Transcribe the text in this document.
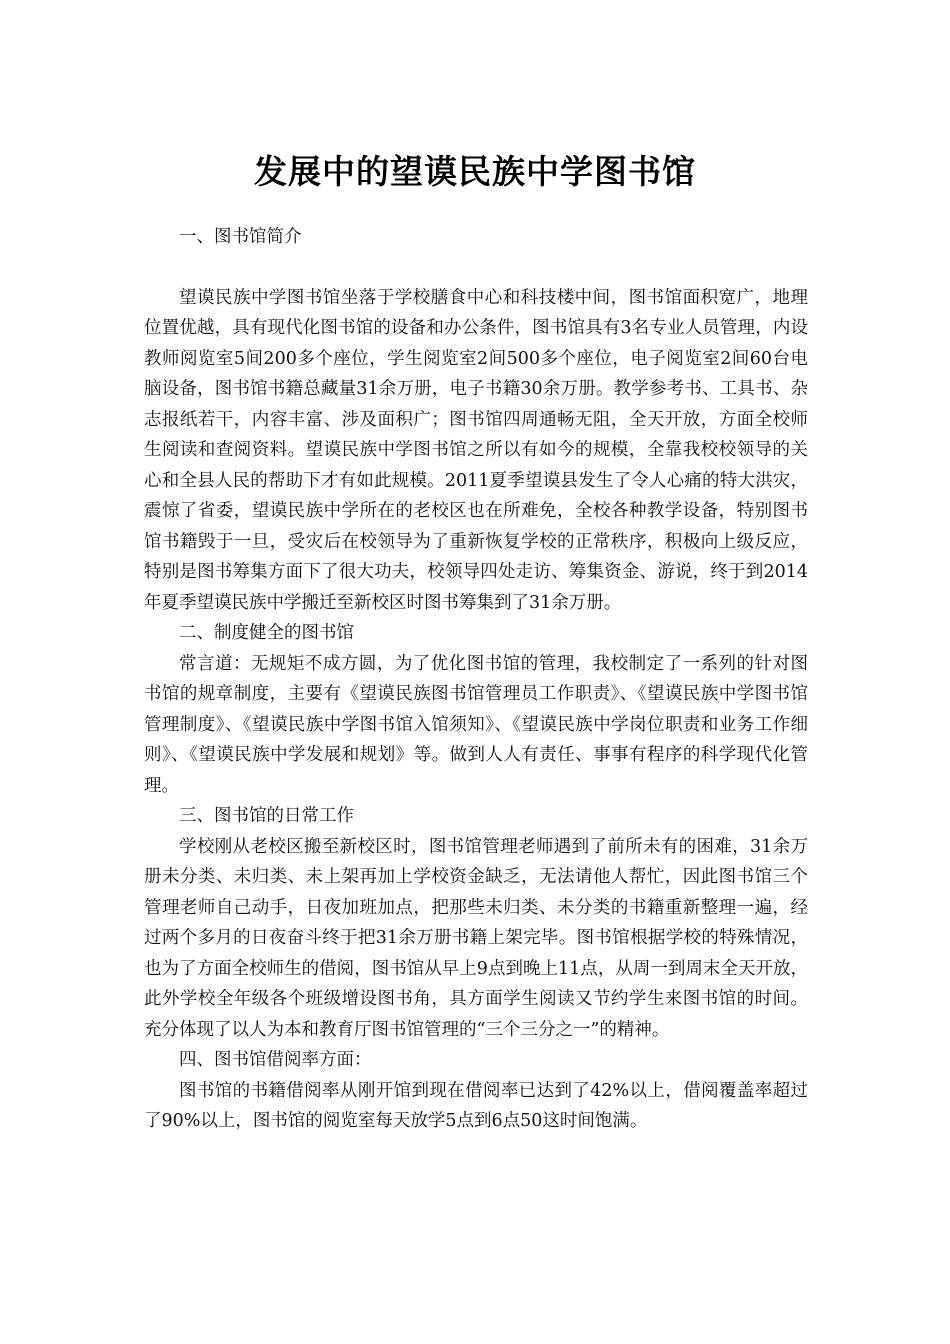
发展中的望谟民族中学图书馆

一、图书馆简介

望谟民族中学图书馆坐落于学校膳食中心和科技楼中间，图书馆面积宽广，地理位置优越，具有现代化图书馆的设备和办公条件，图书馆具有3名专业人员管理，内设教师阅览室5间200多个座位，学生阅览室2间500多个座位，电子阅览室2间60台电脑设备，图书馆书籍总藏量31余万册，电子书籍30余万册。教学参考书、工具书、杂志报纸若干，内容丰富、涉及面积广；图书馆四周通畅无阻，全天开放，方面全校师生阅读和查阅资料。望谟民族中学图书馆之所以有如今的规模，全靠我校校领导的关心和全县人民的帮助下才有如此规模。2011夏季望谟县发生了令人心痛的特大洪灾，震惊了省委，望谟民族中学所在的老校区也在所难免，全校各种教学设备，特别图书馆书籍毁于一旦，受灾后在校领导为了重新恢复学校的正常秩序，积极向上级反应，特别是图书筹集方面下了很大功夫，校领导四处走访、筹集资金、游说，终于到2014年夏季望谟民族中学搬迁至新校区时图书筹集到了31余万册。

二、制度健全的图书馆

常言道：无规矩不成方圆，为了优化图书馆的管理，我校制定了一系列的针对图书馆的规章制度，主要有《望谟民族图书馆管理员工作职责》、《望谟民族中学图书馆管理制度》、《望谟民族中学图书馆入馆须知》、《望谟民族中学岗位职责和业务工作细则》、《望谟民族中学发展和规划》等。做到人人有责任、事事有程序的科学现代化管理。

三、图书馆的日常工作

学校刚从老校区搬至新校区时，图书馆管理老师遇到了前所未有的困难，31余万册未分类、未归类、未上架再加上学校资金缺乏，无法请他人帮忙，因此图书馆三个管理老师自己动手，日夜加班加点，把那些未归类、未分类的书籍重新整理一遍，经过两个多月的日夜奋斗终于把31余万册书籍上架完毕。图书馆根据学校的特殊情况，也为了方面全校师生的借阅，图书馆从早上9点到晚上11点，从周一到周末全天开放，此外学校全年级各个班级增设图书角，具方面学生阅读又节约学生来图书馆的时间。充分体现了以人为本和教育厅图书馆管理的“三个三分之一”的精神。

四、图书馆借阅率方面：

图书馆的书籍借阅率从刚开馆到现在借阅率已达到了42%以上，借阅覆盖率超过了90%以上，图书馆的阅览室每天放学5点到6点50这时间饱满。
